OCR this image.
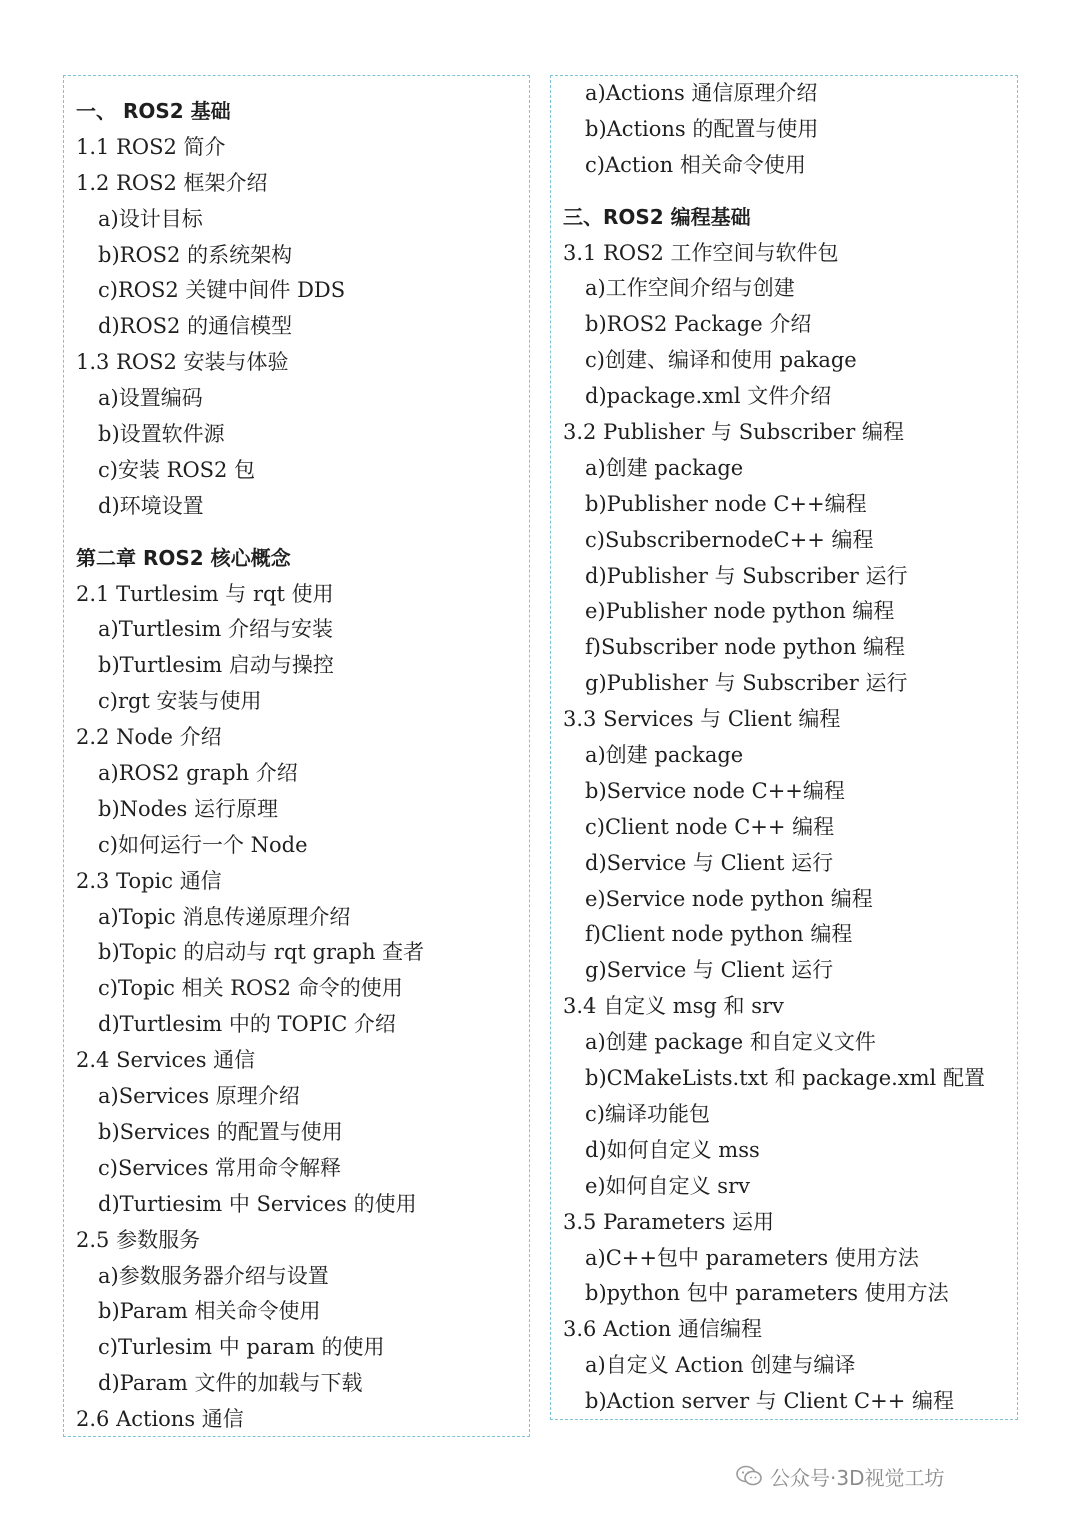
一、 ROS2 基础
1.1 ROS2 简介
1.2 ROS2 框架介绍
a)设计目标
b)ROS2 的系统架构
c)ROS2 关键中间件 DDS
d)ROS2 的通信模型
1.3 ROS2 安装与体验
a)设置编码
b)设置软件源
c)安装 ROS2 包
d)环境设置
第二章 ROS2 核心概念
2.1 Turtlesim 与 rqt 使用
a)Turtlesim 介绍与安装
b)Turtlesim 启动与操控
c)rgt 安装与使用
2.2 Node 介绍
a)ROS2 graph 介绍
b)Nodes 运行原理
c)如何运行一个 Node
2.3 Topic 通信
a)Topic 消息传递原理介绍
b)Topic 的启动与 rqt graph 查者
c)Topic 相关 ROS2 命令的使用
d)Turtlesim 中的 TOPIC 介绍
2.4 Services 通信
a)Services 原理介绍
b)Services 的配置与使用
c)Services 常用命令解释
d)Turtiesim 中 Services 的使用
2.5 参数服务
a)参数服务器介绍与设置
b)Param 相关命令使用
c)Turlesim 中 param 的使用
d)Param 文件的加载与下载
2.6 Actions 通信
a)Actions 通信原理介绍
b)Actions 的配置与使用
c)Action 相关命令使用
三、ROS2 编程基础
3.1 ROS2 工作空间与软件包
a)工作空间介绍与创建
b)ROS2 Package 介绍
c)创建、编译和使用 pakage
d)package.xml 文件介绍
3.2 Publisher 与 Subscriber 编程
a)创建 package
b)Publisher node C++编程
c)SubscribernodeC++ 编程
d)Publisher 与 Subscriber 运行
e)Publisher node python 编程
f)Subscriber node python 编程
g)Publisher 与 Subscriber 运行
3.3 Services 与 Client 编程
a)创建 package
b)Service node C++编程
c)Client node C++ 编程
d)Service 与 Client 运行
e)Service node python 编程
f)Client node python 编程
g)Service 与 Client 运行
3.4 自定义 msg 和 srv
a)创建 package 和自定义文件
b)CMakeLists.txt 和 package.xml 配置
c)编译功能包
d)如何自定义 mss
e)如何自定义 srv
3.5 Parameters 运用
a)C++包中 parameters 使用方法
b)python 包中 parameters 使用方法
3.6 Action 通信编程
a)自定义 Action 创建与编译
b)Action server 与 Client C++ 编程
公众号·3D视觉工坊
